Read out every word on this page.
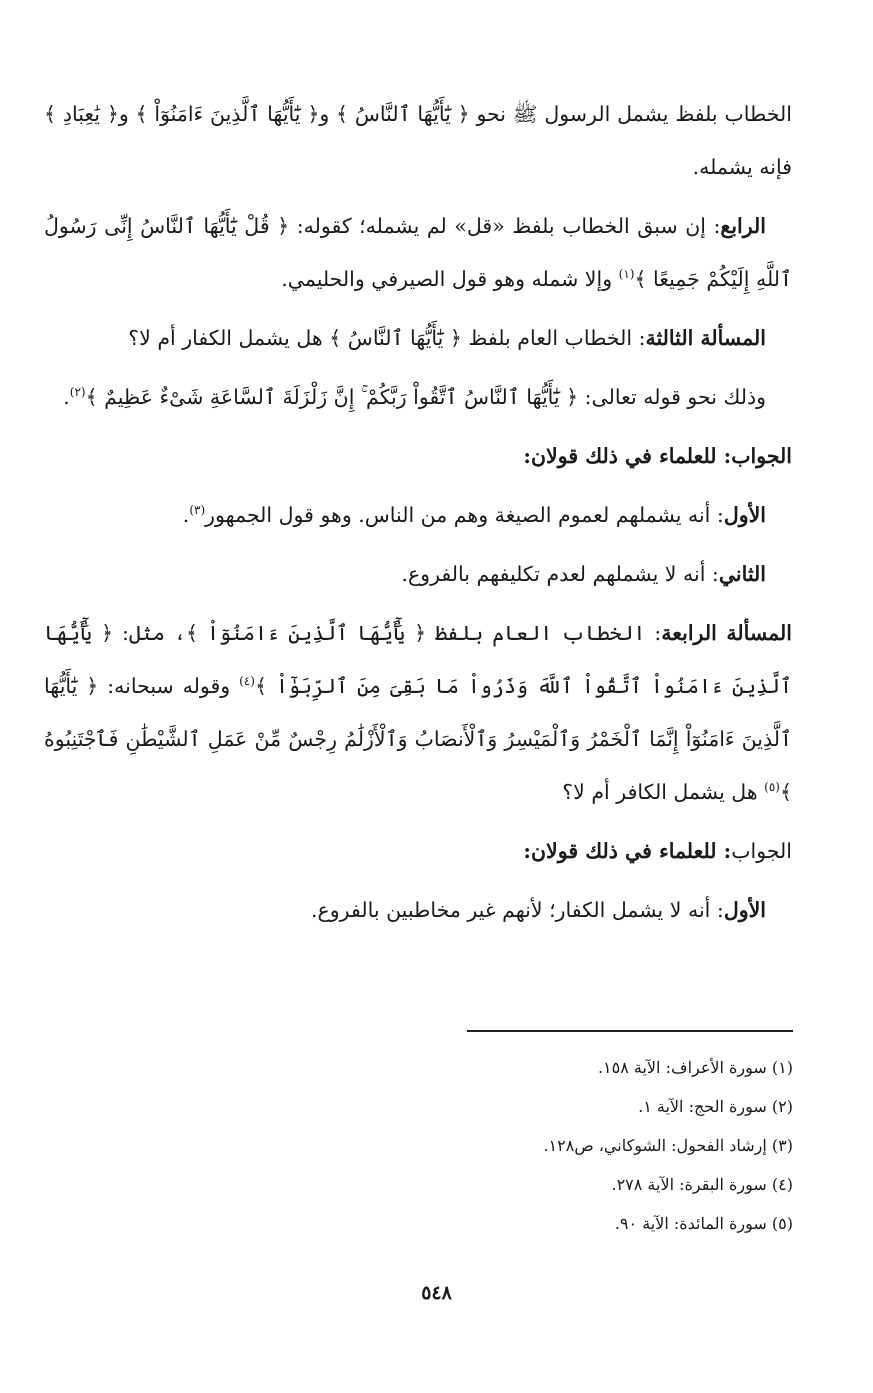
الخطاب بلفظ يشمل الرسول ﷺ نحو ﴿ يَٰٓأَيُّهَا ٱلنَّاسُ ﴾ و﴿ يَٰٓأَيُّهَا ٱلَّذِينَ ءَامَنُوٓاْ ﴾ و﴿ يَٰعِبَادِ ﴾ فإنه يشمله.

الرابع: إن سبق الخطاب بلفظ «قل» لم يشمله؛ كقوله: ﴿ قُلْ يَٰٓأَيُّهَا ٱلنَّاسُ إِنِّى رَسُولُ ٱللَّهِ إِلَيْكُمْ جَمِيعًا ﴾$^{(١)}$ وإلا شمله وهو قول الصيرفي والحليمي.

المسألة الثالثة: الخطاب العام بلفظ ﴿ يَٰٓأَيُّهَا ٱلنَّاسُ ﴾ هل يشمل الكفار أم لا؟

وذلك نحو قوله تعالى: ﴿ يَٰٓأَيُّهَا ٱلنَّاسُ ٱتَّقُواْ رَبَّكُمْ ۚ إِنَّ زَلْزَلَةَ ٱلسَّاعَةِ شَىْءٌ عَظِيمٌ ﴾$^{(٢)}$.

الجواب: للعلماء في ذلك قولان:

الأول: أنه يشملهم لعموم الصيغة وهم من الناس. وهو قول الجمهور$^{(٣)}$.

الثاني: أنه لا يشملهم لعدم تكليفهم بالفروع.

المسألة الرابعة: الخطاب العام بلفظ ﴿ يَٰٓأَيُّهَا ٱلَّذِينَ ءَامَنُوٓاْ ﴾، مثل: ﴿ يَٰٓأَيُّهَا ٱلَّذِينَ ءَامَنُواْ ٱتَّقُواْ ٱللَّهَ وَذَرُواْ مَا بَقِىَ مِنَ ٱلرِّبَوٰٓاْ ﴾$^{(٤)}$ وقوله سبحانه: ﴿ يَٰٓأَيُّهَا ٱلَّذِينَ ءَامَنُوٓاْ إِنَّمَا ٱلْخَمْرُ وَٱلْمَيْسِرُ وَٱلْأَنصَابُ وَٱلْأَزْلَٰمُ رِجْسٌ مِّنْ عَمَلِ ٱلشَّيْطَٰنِ فَٱجْتَنِبُوهُ ﴾$^{(٥)}$ هل يشمل الكافر أم لا؟

الجواب: للعلماء في ذلك قولان:

الأول: أنه لا يشمل الكفار؛ لأنهم غير مخاطبين بالفروع.

(١) سورة الأعراف: الآية ١٥٨.
(٢) سورة الحج: الآية ١.
(٣) إرشاد الفحول: الشوكاني، ص١٢٨.
(٤) سورة البقرة: الآية ٢٧٨.
(٥) سورة المائدة: الآية ٩٠.
٥٤٨
